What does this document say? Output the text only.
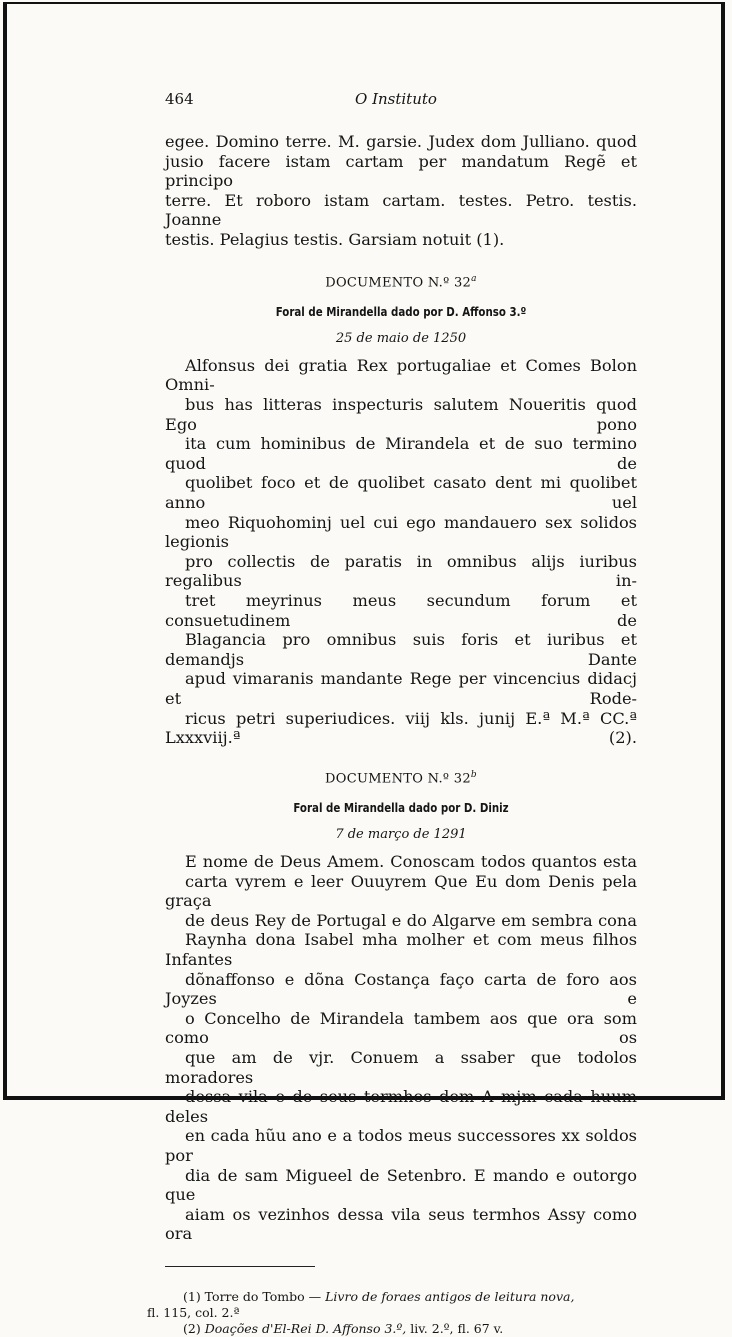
464	O Instituto

egee. Domino terre. M. garsie. Judex dom Julliano. quod
jusio facere istam cartam per mandatum Regẽ et principo
terre. Et roboro istam cartam. testes. Petro. testis. Joanne
testis. Pelagius testis. Garsiam notuit (1).

DOCUMENTO N.º 32$^a$

Foral de Mirandella dado por D. Affonso 3.º

25 de maio de 1250

Alfonsus dei gratia Rex portugaliae et Comes Bolon Omni-
bus has litteras inspecturis salutem Noueritis quod Ego pono
ita cum hominibus de Mirandela et de suo termino quod de
quolibet foco et de quolibet casato dent mi quolibet anno uel
meo Riquohominj uel cui ego mandauero sex solidos legionis
pro collectis de paratis in omnibus alijs iuribus regalibus in-
tret meyrinus meus secundum forum et consuetudinem de
Blagancia pro omnibus suis foris et iuribus et demandjs Dante
apud vimaranis mandante Rege per vincencius didacj et Rode-
ricus petri superiudices. viij kls. junij E.ª M.ª CC.ª Lxxxviij.ª (2).

DOCUMENTO N.º 32$^b$

Foral de Mirandella dado por D. Diniz

7 de março de 1291

E nome de Deus Amem. Conoscam todos quantos esta
carta vyrem e leer Ouuyrem Que Eu dom Denis pela graça
de deus Rey de Portugal e do Algarve em sembra cona
Raynha dona Isabel mha molher et com meus filhos Infantes
dõnaffonso e dõna Costança faço carta de foro aos Joyzes e
o Concelho de Mirandela tambem aos que ora som como os
que am de vjr. Conuem a ssaber que todolos moradores
dessa vila e de seus termhos dem A mjm cada huum deles
en cada hũu ano e a todos meus successores xx soldos por
dia de sam Migueel de Setenbro. E mando e outorgo que
aiam os vezinhos dessa vila seus termhos Assy como ora

(1) Torre do Tombo — Livro de foraes antigos de leitura nova,
fl. 115, col. 2.ª

(2) Doações d'El-Rei D. Affonso 3.º, liv. 2.º, fl. 67 v.
